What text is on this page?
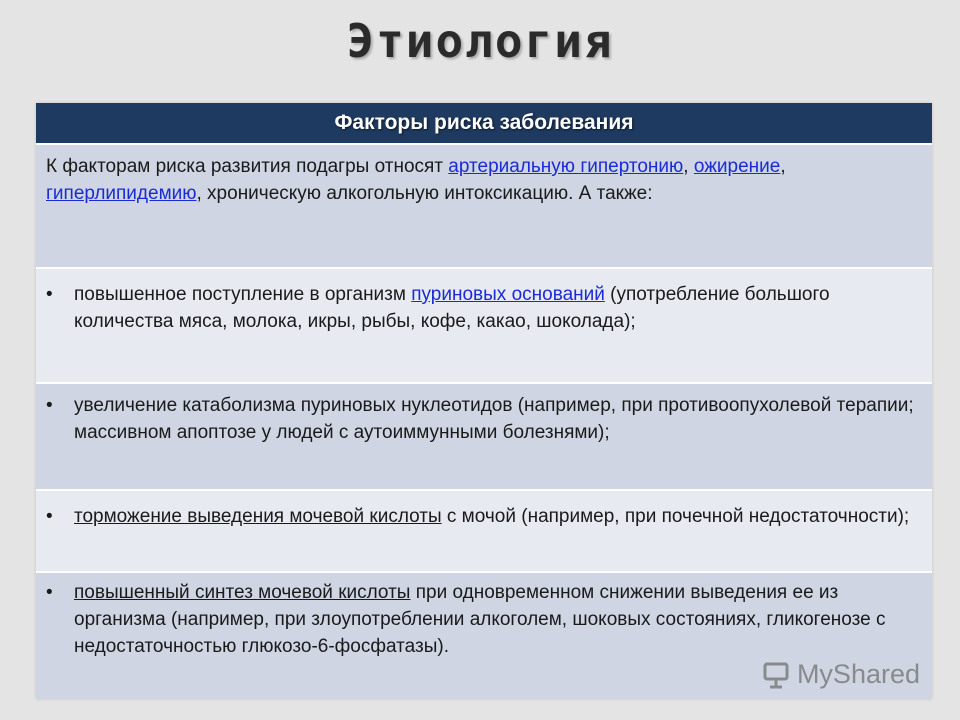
Этиология
Факторы риска заболевания
К факторам риска развития подагры относят артериальную гипертонию, ожирение, гиперлипидемию, хроническую алкогольную интоксикацию. А также:
•	повышенное поступление в организм пуриновых оснований (употребление большого количества мяса, молока, икры, рыбы, кофе, какао, шоколада);
•	увеличение катаболизма пуриновых нуклеотидов (например, при противоопухолевой терапии; массивном апоптозе у людей с аутоиммунными болезнями);
•	торможение выведения мочевой кислоты с мочой (например, при почечной недостаточности);
•	повышенный синтез мочевой кислоты при одновременном снижении выведения ее из организма (например, при злоупотреблении алкоголем, шоковых состояниях, гликогенозе с недостаточностью глюкозо-6-фосфатазы).
MyShared
